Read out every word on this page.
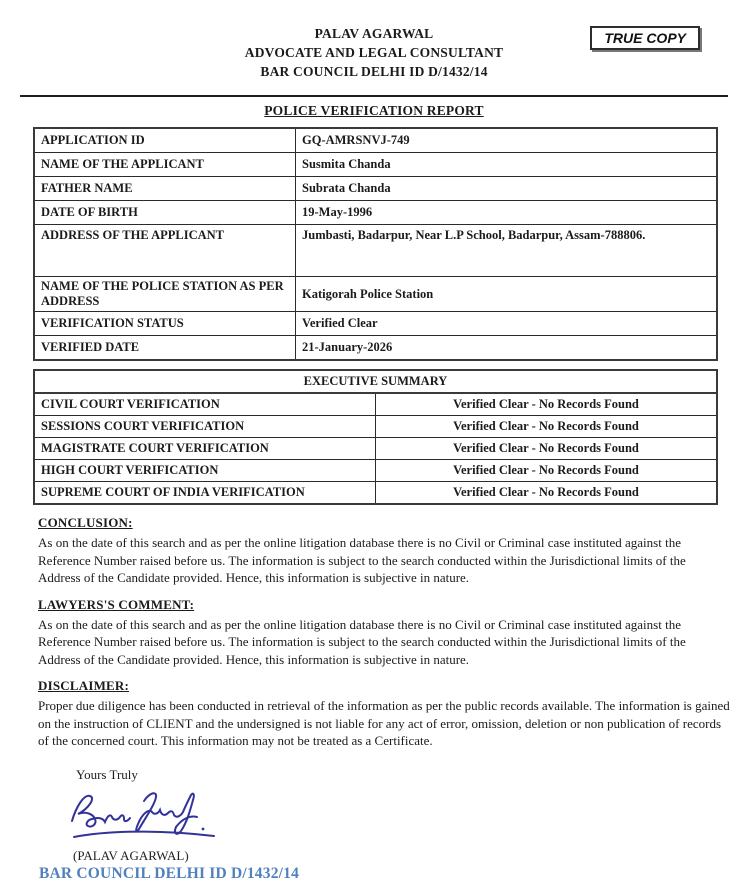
PALAV AGARWAL
ADVOCATE AND LEGAL CONSULTANT
BAR COUNCIL DELHI ID D/1432/14
TRUE COPY
POLICE VERIFICATION REPORT
APPLICATION ID	GQ-AMRSNVJ-749
NAME OF THE APPLICANT	Susmita Chanda
FATHER NAME	Subrata Chanda
DATE OF BIRTH	19-May-1996
ADDRESS OF THE APPLICANT	Jumbasti, Badarpur, Near L.P School, Badarpur, Assam-788806.
NAME OF THE POLICE STATION AS PER ADDRESS	Katigorah Police Station
VERIFICATION STATUS	Verified Clear
VERIFIED DATE	21-January-2026
EXECUTIVE SUMMARY	
CIVIL COURT VERIFICATION	Verified Clear - No Records Found
SESSIONS COURT VERIFICATION	Verified Clear - No Records Found
MAGISTRATE COURT VERIFICATION	Verified Clear - No Records Found
HIGH COURT VERIFICATION	Verified Clear - No Records Found
SUPREME COURT OF INDIA VERIFICATION	Verified Clear - No Records Found
CONCLUSION:
As on the date of this search and as per the online litigation database there is no Civil or Criminal case instituted against the Reference Number raised before us. The information is subject to the search conducted within the Jurisdictional limits of the Address of the Candidate provided. Hence, this information is subjective in nature.
LAWYERS'S COMMENT:
As on the date of this search and as per the online litigation database there is no Civil or Criminal case instituted against the Reference Number raised before us. The information is subject to the search conducted within the Jurisdictional limits of the Address of the Candidate provided. Hence, this information is subjective in nature.
DISCLAIMER:
Proper due diligence has been conducted in retrieval of the information as per the public records available. The information is gained on the instruction of CLIENT and the undersigned is not liable for any act of error, omission, deletion or non publication of records of the concerned court. This information may not be treated as a Certificate.
Yours Truly
(PALAV AGARWAL)
BAR COUNCIL DELHI ID D/1432/14
